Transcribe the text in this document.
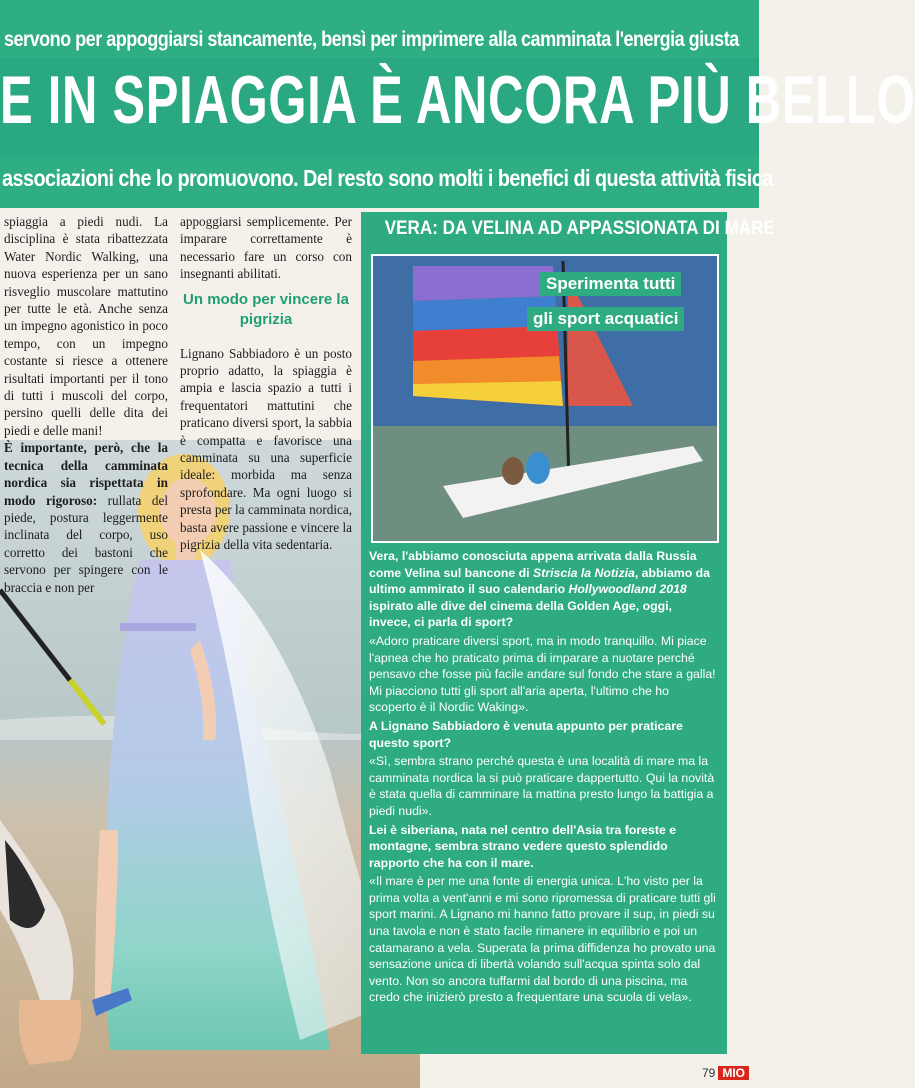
servono per appoggiarsi stancamente, bensì per imprimere alla camminata l'energia giusta
E IN SPIAGGIA È ANCORA PIÙ BELLO
associazioni che lo promuovono. Del resto sono molti i benefici di questa attività fisica
spiaggia a piedi nudi. La disciplina è stata ribattezzata Water Nordic Walking, una nuova esperienza per un sano risveglio muscolare mattutino per tutte le età. Anche senza un impegno agonistico in poco tempo, con un impegno costante si riesce a ottenere risultati importanti per il tono di tutti i muscoli del corpo, persino quelli delle dita dei piedi e delle mani!
È importante, però, che la tecnica della camminata nordica sia rispettata in modo rigoroso: rullata del piede, postura leggermente inclinata del corpo, uso corretto dei bastoni che servono per spingere con le braccia e non per
appoggiarsi semplicemente. Per imparare correttamente è necessario fare un corso con insegnanti abilitati.
Lignano Sabbiadoro è un posto proprio adatto, la spiaggia è ampia e lascia spazio a tutti i frequentatori mattutini che praticano diversi sport, la sabbia è compatta e favorisce una camminata su una superficie ideale: morbida ma senza sprofondare. Ma ogni luogo si presta per la camminata nordica, basta avere passione e vincere la pigrizia della vita sedentaria.
Un modo per vincere la pigrizia
VERA: DA VELINA AD APPASSIONATA DI MARE
Sperimenta tutti
gli sport acquatici

Vera, l'abbiamo conosciuta appena arrivata dalla Russia come Velina sul bancone di Striscia la Notizia, abbiamo da ultimo ammirato il suo calendario Hollywoodland 2018 ispirato alle dive del cinema della Golden Age, oggi, invece, ci parla di sport?

«Adoro praticare diversi sport, ma in modo tranquillo. Mi piace l'apnea che ho praticato prima di imparare a nuotare perché pensavo che fosse più facile andare sul fondo che stare a galla! Mi piacciono tutti gli sport all'aria aperta, l'ultimo che ho scoperto è il Nordic Waking».

A Lignano Sabbiadoro è venuta appunto per praticare questo sport?

«Sì, sembra strano perché questa è una località di mare ma la camminata nordica la si può praticare dappertutto. Qui la novità è stata quella di camminare la mattina presto lungo la battigia a piedi nudi».

Lei è siberiana, nata nel centro dell'Asia tra foreste e montagne, sembra strano vedere questo splendido rapporto che ha con il mare.

«Il mare è per me una fonte di energia unica. L'ho visto per la prima volta a vent'anni e mi sono ripromessa di praticare tutti gli sport marini. A Lignano mi hanno fatto provare il sup, in piedi su una tavola e non è stato facile rimanere in equilibrio e poi un catamarano a vela. Superata la prima diffidenza ho provato una sensazione unica di libertà volando sull'acqua spinta solo dal vento. Non so ancora tuffarmi dal bordo di una piscina, ma credo che inizierò presto a frequentare una scuola di vela».

79 MIO
